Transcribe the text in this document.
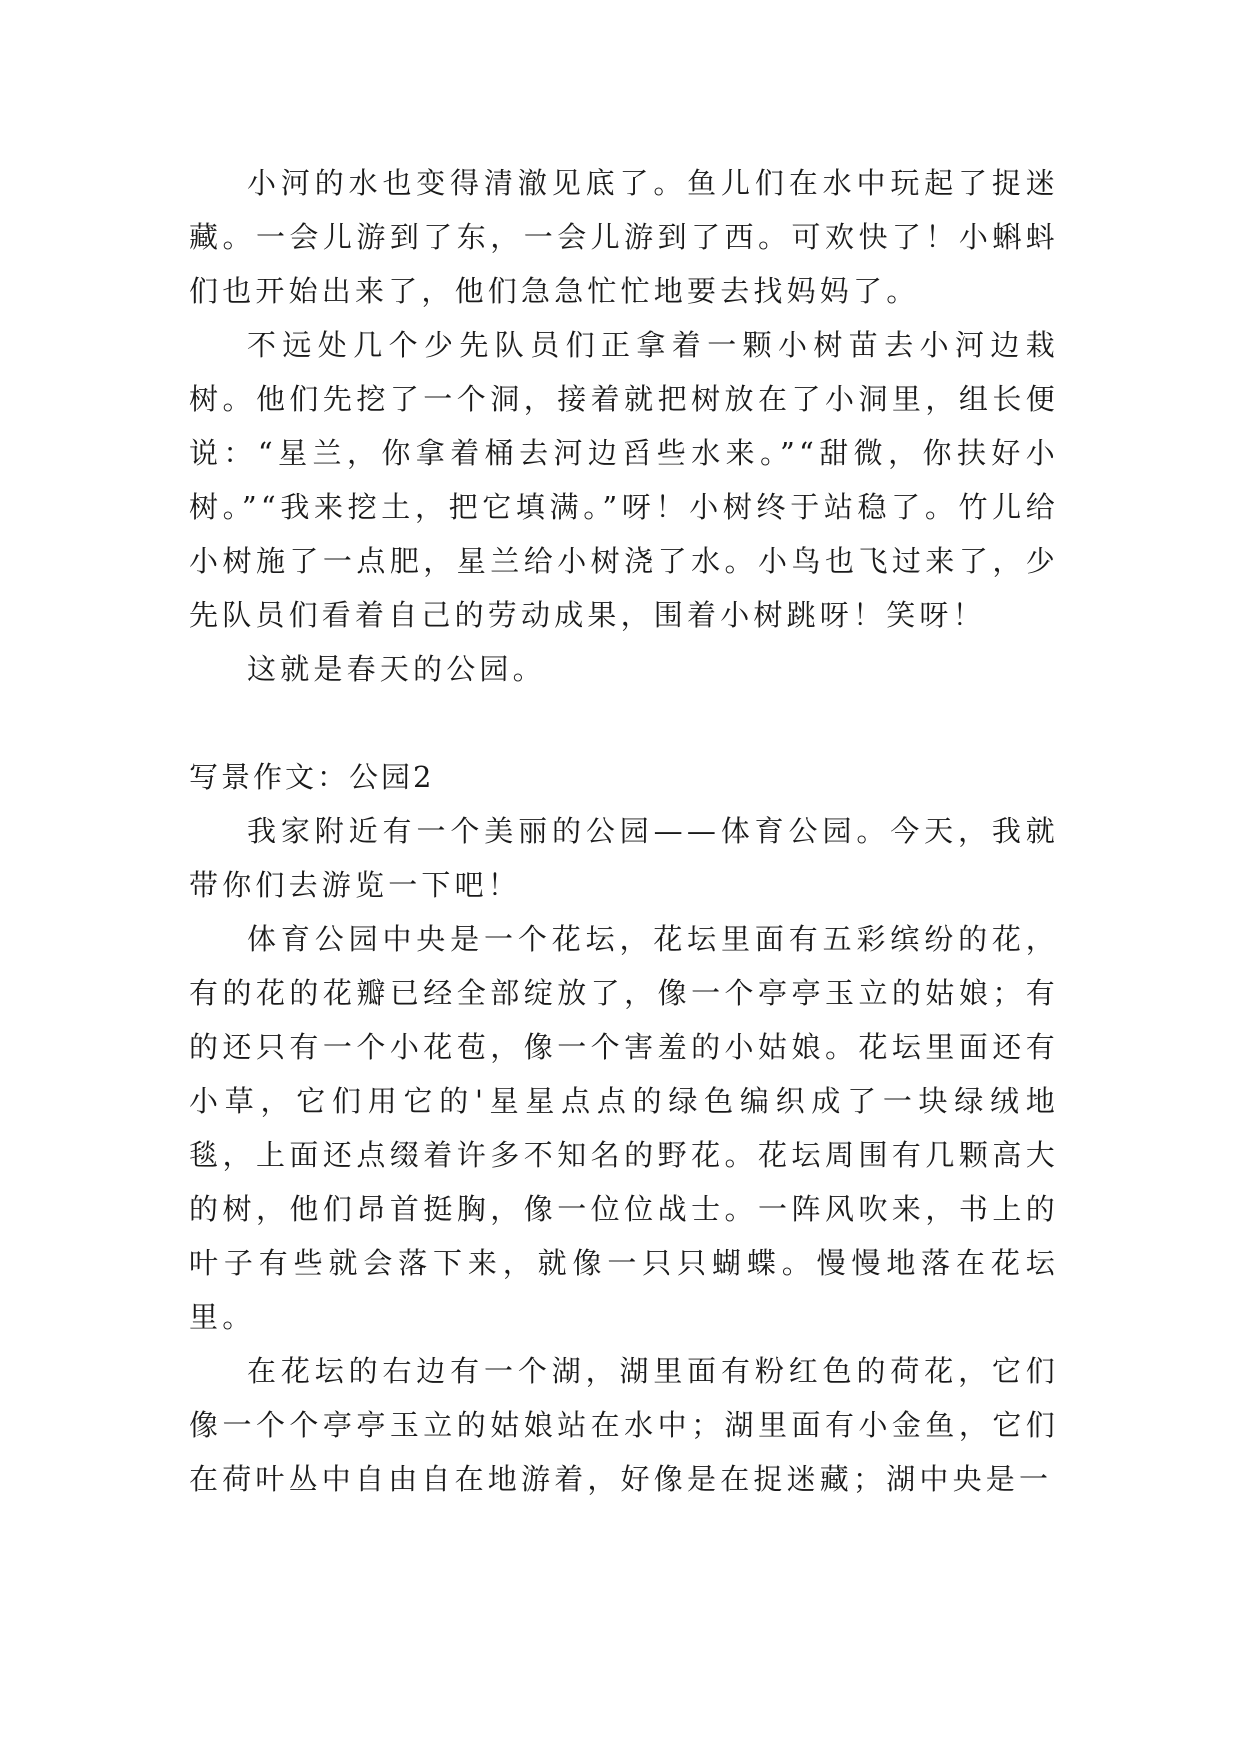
小河的水也变得清澈见底了。鱼儿们在水中玩起了捉迷藏。一会儿游到了东，一会儿游到了西。可欢快了！小蝌蚪们也开始出来了，他们急急忙忙地要去找妈妈了。

不远处几个少先队员们正拿着一颗小树苗去小河边栽树。他们先挖了一个洞，接着就把树放在了小洞里，组长便说：“星兰，你拿着桶去河边舀些水来。”“甜微，你扶好小树。”“我来挖土，把它填满。”呀！小树终于站稳了。竹儿给小树施了一点肥，星兰给小树浇了水。小鸟也飞过来了，少先队员们看着自己的劳动成果，围着小树跳呀！笑呀！

这就是春天的公园。

写景作文：公园2

我家附近有一个美丽的公园——体育公园。今天，我就带你们去游览一下吧！

体育公园中央是一个花坛，花坛里面有五彩缤纷的花，有的花的花瓣已经全部绽放了，像一个亭亭玉立的姑娘；有的还只有一个小花苞，像一个害羞的小姑娘。花坛里面还有小草，它们用它的'星星点点的绿色编织成了一块绿绒地毯，上面还点缀着许多不知名的野花。花坛周围有几颗高大的树，他们昂首挺胸，像一位位战士。一阵风吹来，书上的叶子有些就会落下来，就像一只只蝴蝶。慢慢地落在花坛里。

在花坛的右边有一个湖，湖里面有粉红色的荷花，它们像一个个亭亭玉立的姑娘站在水中；湖里面有小金鱼，它们在荷叶丛中自由自在地游着，好像是在捉迷藏；湖中央是一
